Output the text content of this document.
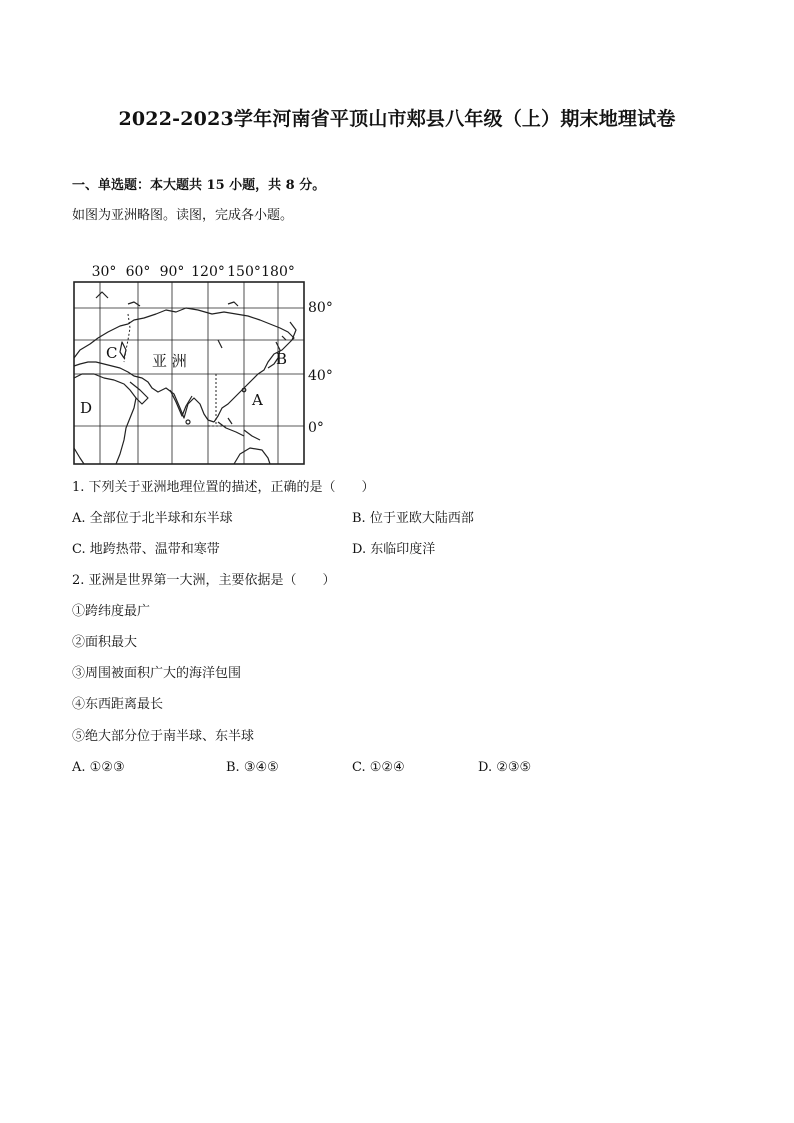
2022-2023学年河南省平顶山市郏县八年级（上）期末地理试卷
一、单选题：本大题共 15 小题，共 8 分。
如图为亚洲略图。读图，完成各小题。
30° 60° 90° 120° 150° 180°
80°
40°
0°
亚 洲
A
B
C
D
1. 下列关于亚洲地理位置的描述，正确的是（　　）
A. 全部位于北半球和东半球	B. 位于亚欧大陆西部
C. 地跨热带、温带和寒带	D. 东临印度洋
2. 亚洲是世界第一大洲，主要依据是（　　）
①跨纬度最广
②面积最大
③周围被面积广大的海洋包围
④东西距离最长
⑤绝大部分位于南半球、东半球
A. ①②③	B. ③④⑤	C. ①②④	D. ②③⑤
